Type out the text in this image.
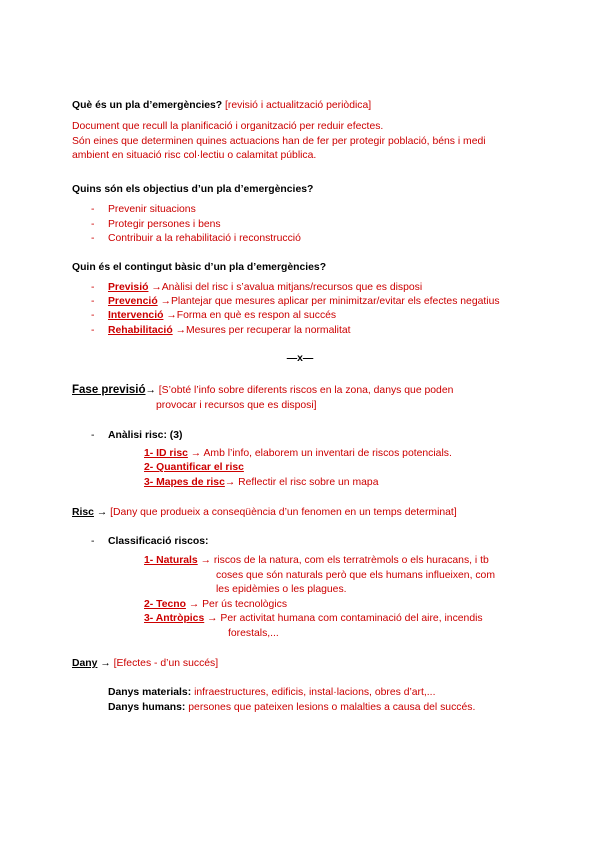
Què és un pla d’emergències? [revisió i actualització periòdica]
Document que recull la planificació i organització per reduir efectes.
Són eines que determinen quines actuacions han de fer per protegir població, béns i medi
ambient en situació risc col·lectiu o calamitat pública.
Quins són els objectius d’un pla d’emergències?
- Prevenir situacions
- Protegir persones i bens
- Contribuir a la rehabilitació i reconstrucció
Quin és el contingut bàsic d’un pla d’emergències?
- Previsió →Anàlisi del risc i s’avalua mitjans/recursos que es disposi
- Prevenció →Plantejar que mesures aplicar per minimitzar/evitar els efectes negatius
- Intervenció →Forma en què es respon al succés
- Rehabilitació →Mesures per recuperar la normalitat
—x—
Fase previsió→ [S’obté l’info sobre diferents riscos en la zona, danys que poden
provocar i recursos que es disposi]
- Anàlisi risc: (3)
1- ID risc → Amb l’info, elaborem un inventari de riscos potencials.
2- Quantificar el risc
3- Mapes de risc→ Reflectir el risc sobre un mapa
Risc → [Dany que produeix a conseqüència d’un fenomen en un temps determinat]
- Classificació riscos:
1- Naturals → riscos de la natura, com els terratrèmols o els huracans, i tb
coses que són naturals però que els humans influeixen, com
les epidèmies o les plagues.
2- Tecno → Per ús tecnològics
3- Antròpics → Per activitat humana com contaminació del aire, incendis
forestals,...
Dany → [Efectes - d’un succés]
Danys materials: infraestructures, edificis, instal·lacions, obres d’art,...
Danys humans: persones que pateixen lesions o malalties a causa del succés.
